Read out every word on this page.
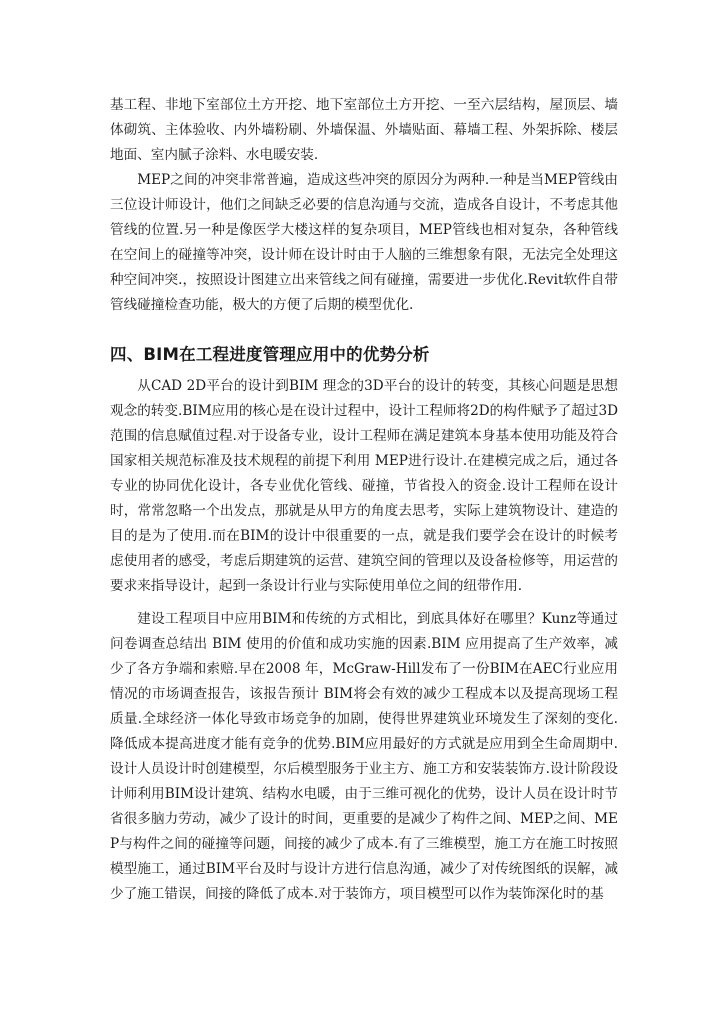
基工程、非地下室部位土方开挖、地下室部位土方开挖、一至六层结构，屋顶层、墙体砌筑、主体验收、内外墙粉刷、外墙保温、外墙贴面、幕墙工程、外架拆除、楼层地面、室内腻子涂料、水电暖安装.

MEP之间的冲突非常普遍，造成这些冲突的原因分为两种.一种是当MEP管线由三位设计师设计，他们之间缺乏必要的信息沟通与交流，造成各自设计，不考虑其他管线的位置.另一种是像医学大楼这样的复杂项目，MEP管线也相对复杂，各种管线在空间上的碰撞等冲突，设计师在设计时由于人脑的三维想象有限，无法完全处理这种空间冲突.，按照设计图建立出来管线之间有碰撞，需要进一步优化.Revit软件自带管线碰撞检查功能，极大的方便了后期的模型优化.

四、BIM在工程进度管理应用中的优势分析

从CAD 2D平台的设计到BIM 理念的3D平台的设计的转变，其核心问题是思想观念的转变.BIM应用的核心是在设计过程中，设计工程师将2D的构件赋予了超过3D范围的信息赋值过程.对于设备专业，设计工程师在满足建筑本身基本使用功能及符合国家相关规范标准及技术规程的前提下利用 MEP进行设计.在建模完成之后，通过各专业的协同优化设计，各专业优化管线、碰撞，节省投入的资金.设计工程师在设计时，常常忽略一个出发点，那就是从甲方的角度去思考，实际上建筑物设计、建造的目的是为了使用.而在BIM的设计中很重要的一点，就是我们要学会在设计的时候考虑使用者的感受，考虑后期建筑的运营、建筑空间的管理以及设备检修等，用运营的要求来指导设计，起到一条设计行业与实际使用单位之间的纽带作用.

建设工程项目中应用BIM和传统的方式相比，到底具体好在哪里？Kunz等通过问卷调查总结出 BIM 使用的价值和成功实施的因素.BIM 应用提高了生产效率，减少了各方争端和索赔.早在2008 年，McGraw-Hill发布了一份BIM在AEC行业应用情况的市场调查报告，该报告预计 BIM将会有效的减少工程成本以及提高现场工程质量.全球经济一体化导致市场竞争的加剧，使得世界建筑业环境发生了深刻的变化.降低成本提高进度才能有竞争的优势.BIM应用最好的方式就是应用到全生命周期中.设计人员设计时创建模型，尔后模型服务于业主方、施工方和安装装饰方.设计阶段设计师利用BIM设计建筑、结构水电暖，由于三维可视化的优势，设计人员在设计时节省很多脑力劳动，减少了设计的时间，更重要的是减少了构件之间、MEP之间、MEP与构件之间的碰撞等问题，间接的减少了成本.有了三维模型，施工方在施工时按照模型施工，通过BIM平台及时与设计方进行信息沟通，减少了对传统图纸的误解，减少了施工错误，间接的降低了成本.对于装饰方，项目模型可以作为装饰深化时的基
